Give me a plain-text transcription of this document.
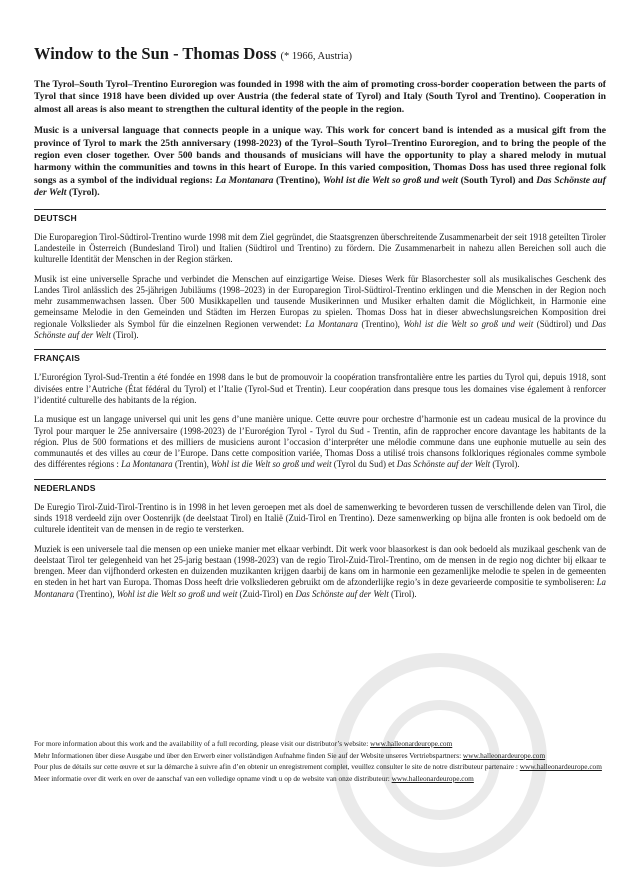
Window to the Sun - Thomas Doss (* 1966, Austria)

The Tyrol–South Tyrol–Trentino Euroregion was founded in 1998 with the aim of promoting cross-border cooperation between the parts of Tyrol that since 1918 have been divided up over Austria (the federal state of Tyrol) and Italy (South Tyrol and Trentino). Cooperation in almost all areas is also meant to strengthen the cultural identity of the people in the region.

Music is a universal language that connects people in a unique way. This work for concert band is intended as a musical gift from the province of Tyrol to mark the 25th anniversary (1998-2023) of the Tyrol–South Tyrol–Trentino Euroregion, and to bring the people of the region even closer together. Over 500 bands and thousands of musicians will have the opportunity to play a shared melody in mutual harmony within the communities and towns in this heart of Europe. In this varied composition, Thomas Doss has used three regional folk songs as a symbol of the individual regions: La Montanara (Trentino), Wohl ist die Welt so groß und weit (South Tyrol) and Das Schönste auf der Welt (Tyrol).

DEUTSCH

Die Europaregion Tirol-Südtirol-Trentino wurde 1998 mit dem Ziel gegründet, die Staatsgrenzen überschreitende Zusammenarbeit der seit 1918 geteilten Tiroler Landesteile in Österreich (Bundesland Tirol) und Italien (Südtirol und Trentino) zu fördern. Die Zusammenarbeit in nahezu allen Bereichen soll auch die kulturelle Identität der Menschen in der Region stärken.

Musik ist eine universelle Sprache und verbindet die Menschen auf einzigartige Weise. Dieses Werk für Blasorchester soll als musikalisches Geschenk des Landes Tirol anlässlich des 25-jährigen Jubiläums (1998–2023) in der Europaregion Tirol-Südtirol-Trentino erklingen und die Menschen in der Region noch mehr zusammenwachsen lassen. Über 500 Musikkapellen und tausende Musikerinnen und Musiker erhalten damit die Möglichkeit, in Harmonie eine gemeinsame Melodie in den Gemeinden und Städten im Herzen Europas zu spielen. Thomas Doss hat in dieser abwechslungsreichen Komposition drei regionale Volkslieder als Symbol für die einzelnen Regionen verwendet: La Montanara (Trentino), Wohl ist die Welt so groß und weit (Südtirol) und Das Schönste auf der Welt (Tirol).

FRANÇAIS

L’Eurorégion Tyrol-Sud-Trentin a été fondée en 1998 dans le but de promouvoir la coopération transfrontalière entre les parties du Tyrol qui, depuis 1918, sont divisées entre l’Autriche (État fédéral du Tyrol) et l’Italie (Tyrol-Sud et Trentin). Leur coopération dans presque tous les domaines vise également à renforcer l’identité culturelle des habitants de la région.

La musique est un langage universel qui unit les gens d’une manière unique. Cette œuvre pour orchestre d’harmonie est un cadeau musical de la province du Tyrol pour marquer le 25e anniversaire (1998-2023) de l’Eurorégion Tyrol - Tyrol du Sud - Trentin, afin de rapprocher encore davantage les habitants de la région. Plus de 500 formations et des milliers de musiciens auront l’occasion d’interpréter une mélodie commune dans une euphonie mutuelle au sein des communautés et des villes au cœur de l’Europe. Dans cette composition variée, Thomas Doss a utilisé trois chansons folkloriques régionales comme symbole des différentes régions : La Montanara (Trentin), Wohl ist die Welt so groß und weit (Tyrol du Sud) et Das Schönste auf der Welt (Tyrol).

NEDERLANDS

De Euregio Tirol-Zuid-Tirol-Trentino is in 1998 in het leven geroepen met als doel de samenwerking te bevorderen tussen de verschillende delen van Tirol, die sinds 1918 verdeeld zijn over Oostenrijk (de deelstaat Tirol) en Italië (Zuid-Tirol en Trentino). Deze samenwerking op bijna alle fronten is ook bedoeld om de culturele identiteit van de mensen in de regio te versterken.

Muziek is een universele taal die mensen op een unieke manier met elkaar verbindt. Dit werk voor blaasorkest is dan ook bedoeld als muzikaal geschenk van de deelstaat Tirol ter gelegenheid van het 25-jarig bestaan (1998-2023) van de regio Tirol-Zuid-Tirol-Trentino, om de mensen in de regio nog dichter bij elkaar te brengen. Meer dan vijfhonderd orkesten en duizenden muzikanten krijgen daarbij de kans om in harmonie een gezamenlijke melodie te spelen in de gemeenten en steden in het hart van Europa. Thomas Doss heeft drie volksliederen gebruikt om de afzonderlijke regio’s in deze gevarieerde compositie te symboliseren: La Montanara (Trentino), Wohl ist die Welt so groß und weit (Zuid-Tirol) en Das Schönste auf der Welt (Tirol).

For more information about this work and the availability of a full recording, please visit our distributor’s website: www.halleonardeurope.com

Mehr Informationen über diese Ausgabe und über den Erwerb einer vollständigen Aufnahme finden Sie auf der Website unseres Vertriebspartners: www.halleonardeurope.com

Pour plus de détails sur cette œuvre et sur la démarche à suivre afin d’en obtenir un enregistrement complet, veuillez consulter le site de notre distributeur partenaire : www.halleonardeurope.com

Meer informatie over dit werk en over de aanschaf van een volledige opname vindt u op de website van onze distributeur: www.halleonardeurope.com
